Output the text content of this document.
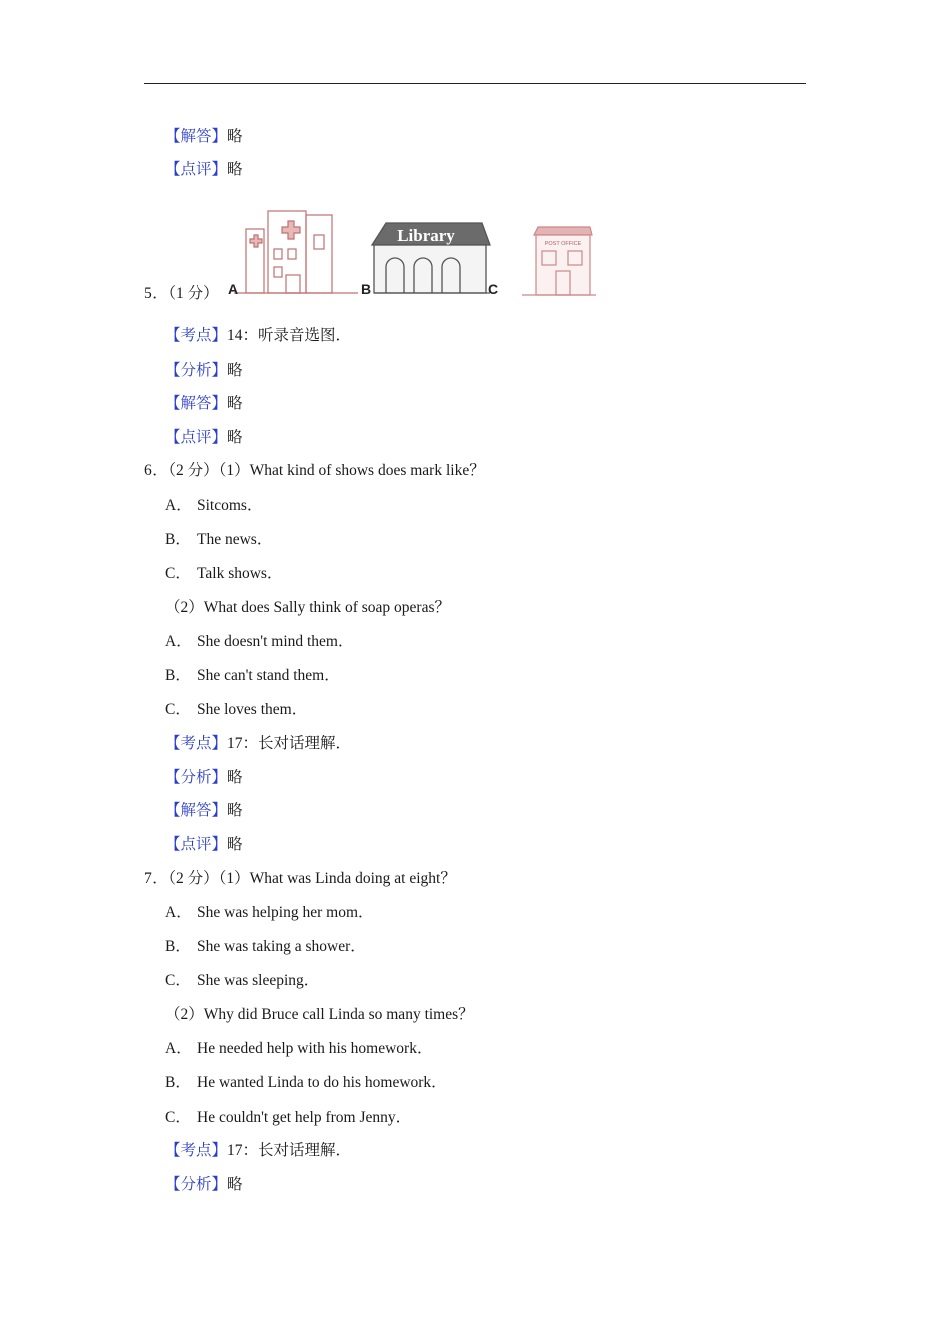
【解答】略
【点评】略
Library	POST OFFICE
A	B	C
5．（1 分）
【考点】14：听录音选图．
【分析】略
【解答】略
【点评】略
6．（2 分）（1）What kind of shows does mark like？
A． Sitcoms．
B． The news．
C． Talk shows．
（2）What does Sally think of soap operas？
A． She doesn't mind them．
B． She can't stand them．
C． She loves them．
【考点】17：长对话理解．
【分析】略
【解答】略
【点评】略
7．（2 分）（1）What was Linda doing at eight？
A． She was helping her mom．
B． She was taking a shower．
C． She was sleeping．
（2）Why did Bruce call Linda so many times？
A． He needed help with his homework．
B． He wanted Linda to do his homework．
C． He couldn't get help from Jenny．
【考点】17：长对话理解．
【分析】略
